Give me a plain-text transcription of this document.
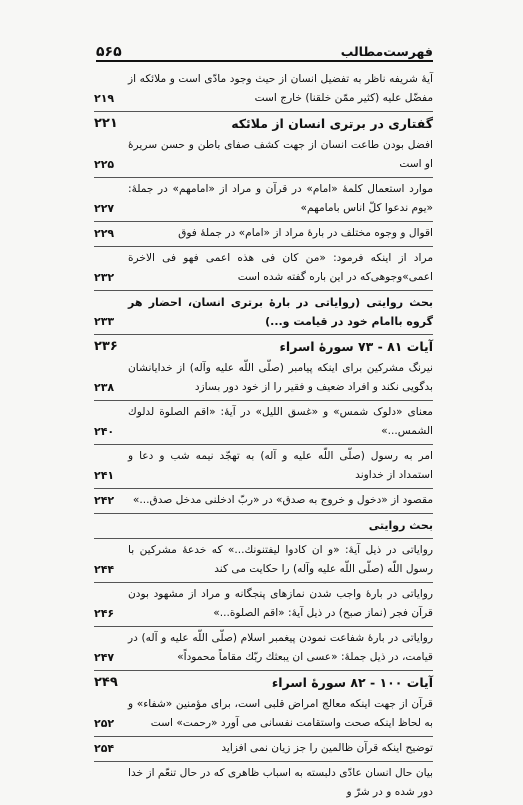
۵۶۵	فهرست‌مطالب
آیهٔ شریفه ناظر به تفضیل انسان از حیث وجود مادّی است و ملائکه از مفضّل علیه (کثیر ممّن خلقنا) خارج است
۲۱۹
گفتاری در برتری انسان از ملائکه
۲۲۱
افضل بودن طاعت انسان از جهت کشف صفای باطن و حسن سریرهٔ او است
۲۲۵
موارد استعمال کلمهٔ «امام» در قرآن و مراد از «امامهم» در جملهٔ: «یوم ندعوا کلّ اناس بامامهم»
۲۲۷
اقوال و وجوه مختلف در بارهٔ مراد از «امام» در جملهٔ فوق
۲۲۹
مراد از اینکه فرمود: «من کان فی هذه اعمی فهو فی الاخرة اعمی»وجوهی‌که در این باره گفته شده است
۲۳۲
بحث روایتی (روایاتی در بارهٔ برتری انسان، احضار هر گروه باامام خود در قیامت و...)
۲۳۳
آیات ۸۱ - ۷۳ سورهٔ اسراء
۲۳۶
نیرنگ مشرکین برای اینکه پیامبر (صلّی اللّه علیه وآله) از خدایانشان بدگویی نکند و افراد ضعیف و فقیر را از خود دور بسازد
۲۳۸
معنای «دلوک شمس» و «غسق اللیل» در آیهٔ: «اقم الصلوة لدلوك الشمس...»
۲۴۰
امر به رسول (صلّی اللّه علیه و آله) به تهجّد نیمه شب و دعا و استمداد از خداوند
۲۴۱
مقصود از «دخول و خروج به صدق» در «ربّ ادخلنی مدخل صدق...»
۲۴۲
بحث روایتی
روایاتی در ذیل آیهٔ: «و ان کادوا لیفتنونك...» که خدعهٔ مشرکین با رسول اللّه (صلّی اللّه علیه وآله) را حکایت می کند
۲۴۴
روایاتی در بارهٔ واجب شدن نمازهای پنجگانه و مراد از مشهود بودن قرآن فجر (نماز صبح) در ذیل آیهٔ: «اقم الصلوة...»
۲۴۶
روایاتی در بارهٔ شفاعت نمودن پیغمبر اسلام (صلّی اللّه علیه و آله) در قیامت، در ذیل جملهٔ: «عسی ان یبعثك ربّك مقاماً محموداً»
۲۴۷
آیات ۱۰۰ - ۸۲ سورهٔ اسراء
۲۴۹
قرآن از جهت اینکه معالج امراض قلبی است، برای مؤمنین «شفاء» و به لحاظ اینکه صحت واستقامت نفسانی می آورد «رحمت» است
۲۵۲
توضیح اینکه قرآن ظالمین را جز زیان نمی افزاید
۲۵۴
بیان حال انسان عادّی دلبسته به اسباب ظاهری که در حال تنعّم از خدا دور شده و در شرّ و
